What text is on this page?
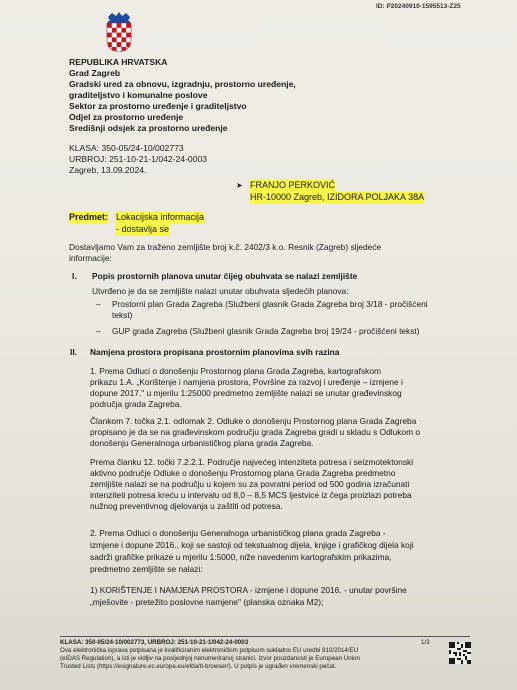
ID: P20240910-1595513-Z25
REPUBLIKA HRVATSKA
Grad Zagreb
Gradski ured za obnovu, izgradnju, prostorno uređenje,
graditeljstvo i komunalne poslove
Sektor za prostorno uređenje i graditeljstvo
Odjel za prostorno uređenje
Središnji odsjek za prostorno uređenje
KLASA: 350-05/24-10/002773
URBROJ: 251-10-21-1/042-24-0003
Zagreb, 13.09.2024.
➤ FRANJO PERKOVIĆ
HR-10000 Zagreb, IZIDORA POLJAKA 38A
Predmet: Lokacijska informacija
- dostavlja se
Dostavljamo Vam za traženo zemljište broj k.č. 2402/3 k.o. Resnik (Zagreb) sljedeće
informacije:
I. Popis prostornih planova unutar čijeg obuhvata se nalazi zemljište
Utvrđeno je da se zemljište nalazi unutar obuhvata sljedećih planova:
– Prostorni plan Grada Zagreba (Službeni glasnik Grada Zagreba broj 3/18 - pročišćeni
tekst)
– GUP grada Zagreba (Službeni glasnik Grada Zagreba broj 19/24 - pročišćeni tekst)
II. Namjena prostora propisana prostornim planovima svih razina
1. Prema Odluci o donošenju Prostornog plana Grada Zagreba, kartografskom
prikazu 1.A. „Korištenje i namjena prostora, Površine za razvoj i uređenje – izmjene i
dopune 2017." u mjerilu 1:25000 predmetno zemljište nalazi se unutar građevinskog
područja grada Zagreba.
Člankom 7. točka 2.1. odlomak 2. Odluke o donošenju Prostornog plana Grada Zagreba
propisano je da se na građevinskom području grada Zagreba gradi u skladu s Odlukom o
donošenju Generalnoga urbanističkog plana grada Zagreba.
Prema članku 12. točki 7.2.2.1. Područje najvećeg intenziteta potresa i seizmotektonski
aktivno područje Odluke o donošenju Prostornog plana Grada Zagreba predmetno
zemljište nalazi se na području u kojem su za povratni period od 500 godina izračunati
intenziteti potresa kreću u intervalu od 8,0 – 8,5 MCS ljestvice iz čega proizlazi potreba
nužnog preventivnog djelovanja u zaštiti od potresa.
2. Prema Odluci o donošenju Generalnoga urbanističkog plana grada Zagreba -
izmjene i dopune 2016., koji se sastoji od tekstualnog dijela, knjige i grafičkog dijela koji
sadrži grafičke prikaze u mjerilu 1:5000, niže navedenim kartografskim prikazima,
predmetno zemljište se nalazi:
1) KORIŠTENJE I NAMJENA PROSTORA - izmjene i dopune 2016. - unutar površine
„mješovite - pretežito poslovne namjene" (planska oznaka M2);
KLASA: 350-05/24-10/002773, URBROJ: 251-10-21-1/042-24-0003	1/3
Ova elektronička isprava potpisana je kvalificiranim elektroničkim potpisom sukladno EU uredbi 910/2014/EU
(eIDAS Regulation), a isti je vidljiv na posljednjoj nenumeriranoj stranici. Izvor pouzdanosti je European Union
Trusted Lists (https://esignature.ec.europa.eu/efda/tl-browser/). U potpis je ugrađen vremenski pečat.
